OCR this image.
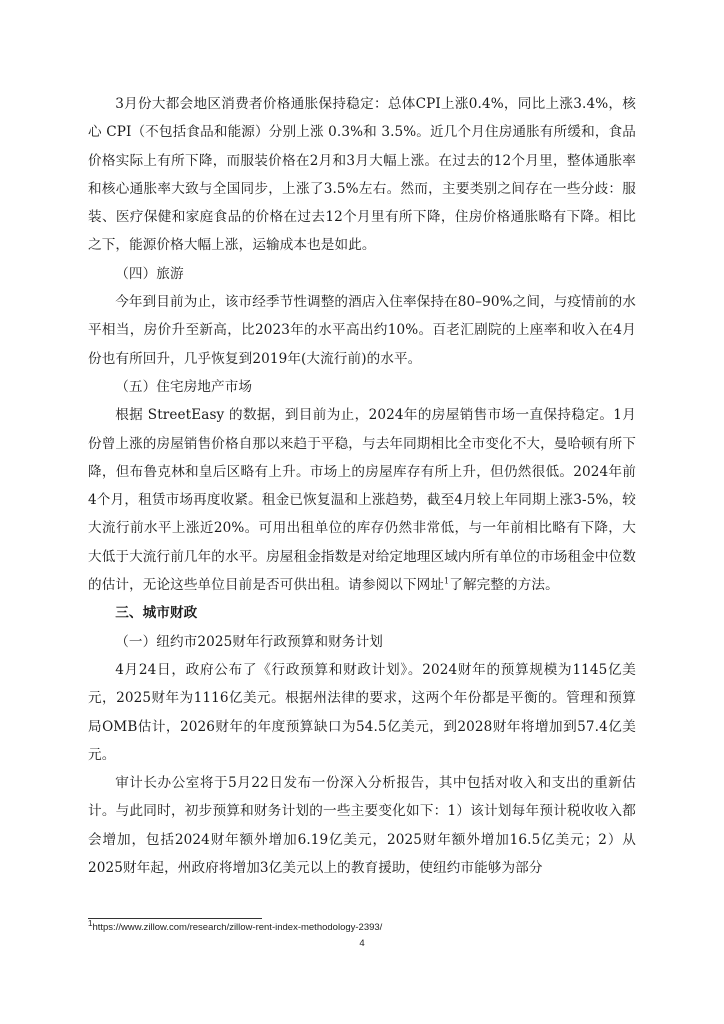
3月份大都会地区消费者价格通胀保持稳定：总体CPI上涨0.4%，同比上涨3.4%，核心 CPI（不包括食品和能源）分别上涨 0.3%和 3.5%。近几个月住房通胀有所缓和，食品价格实际上有所下降，而服装价格在2月和3月大幅上涨。在过去的12个月里，整体通胀率和核心通胀率大致与全国同步，上涨了3.5%左右。然而，主要类别之间存在一些分歧：服装、医疗保健和家庭食品的价格在过去12个月里有所下降，住房价格通胀略有下降。相比之下，能源价格大幅上涨，运输成本也是如此。

（四）旅游

今年到目前为止，该市经季节性调整的酒店入住率保持在80–90%之间，与疫情前的水平相当，房价升至新高，比2023年的水平高出约10%。百老汇剧院的上座率和收入在4月份也有所回升，几乎恢复到2019年(大流行前)的水平。

（五）住宅房地产市场

根据 StreetEasy 的数据，到目前为止，2024年的房屋销售市场一直保持稳定。1月份曾上涨的房屋销售价格自那以来趋于平稳，与去年同期相比全市变化不大，曼哈顿有所下降，但布鲁克林和皇后区略有上升。市场上的房屋库存有所上升，但仍然很低。2024年前4个月，租赁市场再度收紧。租金已恢复温和上涨趋势，截至4月较上年同期上涨3-5%，较大流行前水平上涨近20%。可用出租单位的库存仍然非常低，与一年前相比略有下降，大大低于大流行前几年的水平。房屋租金指数是对给定地理区域内所有单位的市场租金中位数的估计，无论这些单位目前是否可供出租。请参阅以下网址$^1$了解完整的方法。

三、城市财政

（一）纽约市2025财年行政预算和财务计划

4月24日，政府公布了《行政预算和财政计划》。2024财年的预算规模为1145亿美元，2025财年为1116亿美元。根据州法律的要求，这两个年份都是平衡的。管理和预算局OMB估计，2026财年的年度预算缺口为54.5亿美元，到2028财年将增加到57.4亿美元。

审计长办公室将于5月22日发布一份深入分析报告，其中包括对收入和支出的重新估计。与此同时，初步预算和财务计划的一些主要变化如下：1）该计划每年预计税收收入都会增加，包括2024财年额外增加6.19亿美元，2025财年额外增加16.5亿美元；2）从2025财年起，州政府将增加3亿美元以上的教育援助，使纽约市能够为部分

$^1$https://www.zillow.com/research/zillow-rent-index-methodology-2393/
4
